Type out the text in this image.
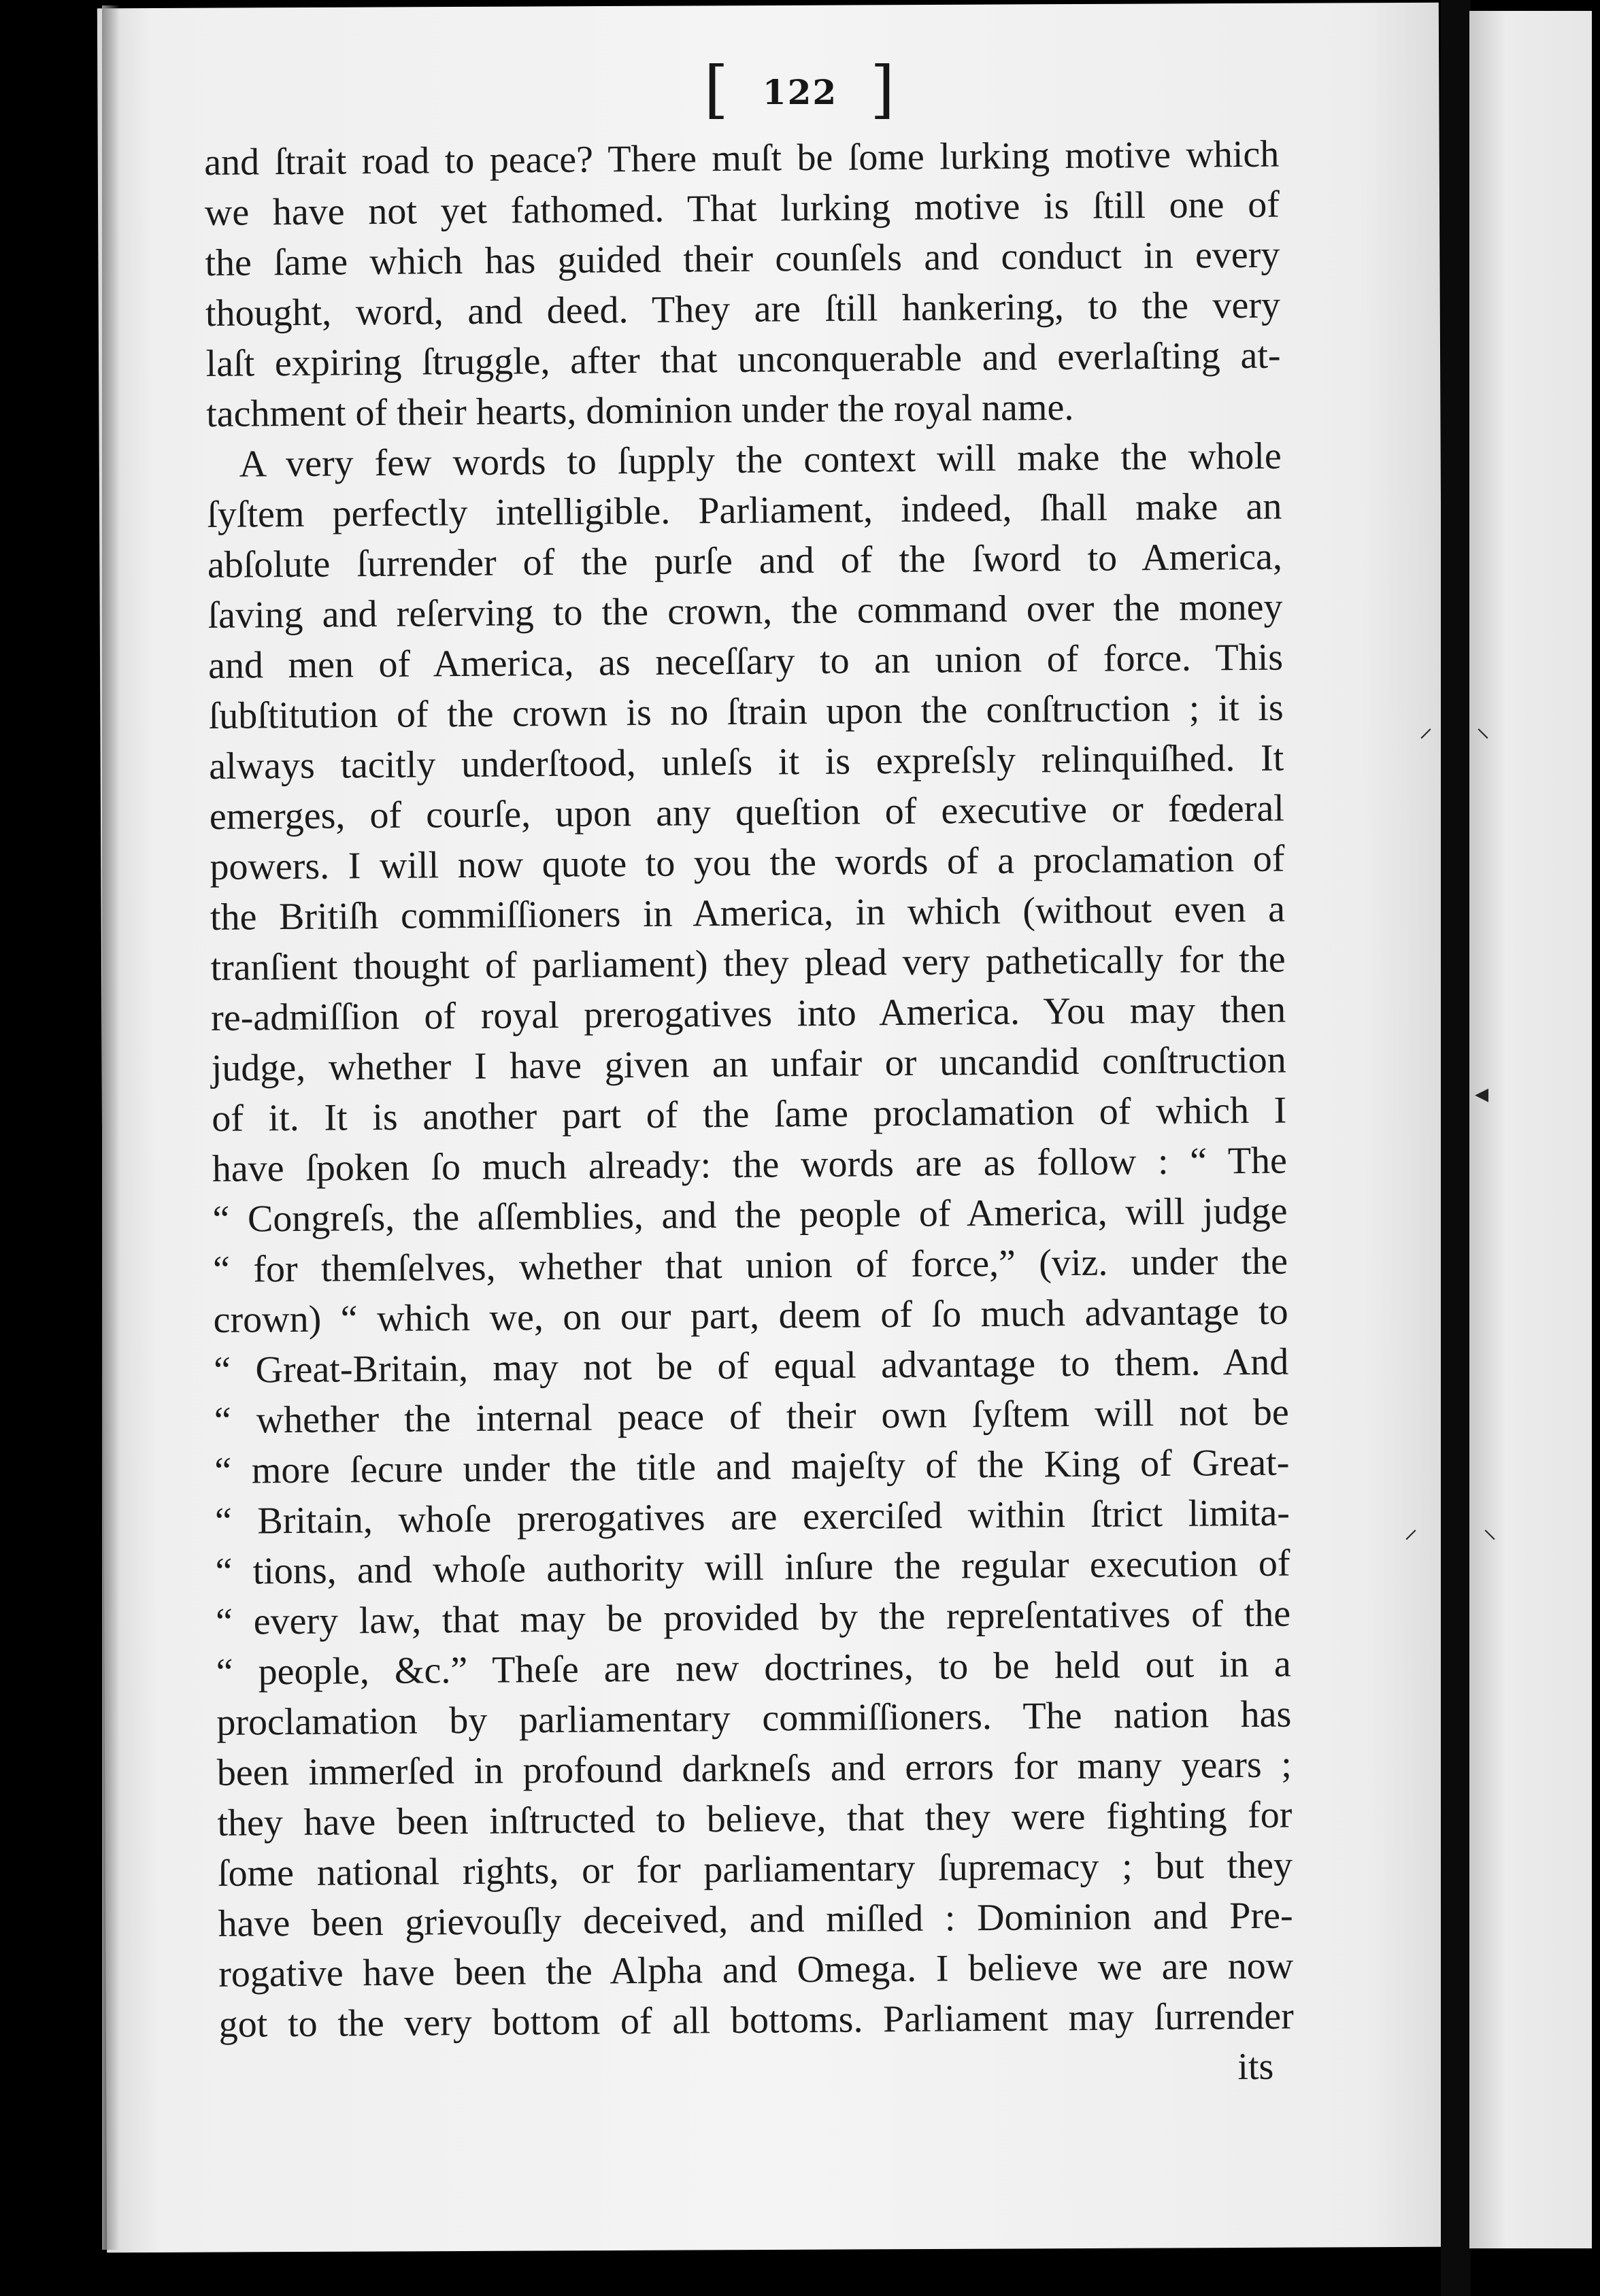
[ 122 ]
and ſtrait road to peace? There muſt be ſome lurking motive which
we have not yet fathomed. That lurking motive is ſtill one of
the ſame which has guided their counſels and conduct in every
thought, word, and deed. They are ſtill hankering, to the very
laſt expiring ſtruggle, after that unconquerable and everlaſting at-
tachment of their hearts, dominion under the royal name.
A very few words to ſupply the context will make the whole
ſyſtem perfectly intelligible. Parliament, indeed, ſhall make an
abſolute ſurrender of the purſe and of the ſword to America,
ſaving and reſerving to the crown, the command over the money
and men of America, as neceſſary to an union of force. This
ſubſtitution of the crown is no ſtrain upon the conſtruction ; it is
always tacitly underſtood, unleſs it is expreſsly relinquiſhed. It
emerges, of courſe, upon any queſtion of executive or fœderal
powers. I will now quote to you the words of a proclamation of
the Britiſh commiſſioners in America, in which (without even a
tranſient thought of parliament) they plead very pathetically for the
re-admiſſion of royal prerogatives into America. You may then
judge, whether I have given an unfair or uncandid conſtruction
of it. It is another part of the ſame proclamation of which I
have ſpoken ſo much already: the words are as follow : “ The
“ Congreſs, the aſſemblies, and the people of America, will judge
“ for themſelves, whether that union of force,” (viz. under the
crown) “ which we, on our part, deem of ſo much advantage to
“ Great-Britain, may not be of equal advantage to them. And
“ whether the internal peace of their own ſyſtem will not be
“ more ſecure under the title and majeſty of the King of Great-
“ Britain, whoſe prerogatives are exerciſed within ſtrict limita-
“ tions, and whoſe authority will inſure the regular execution of
“ every law, that may be provided by the repreſentatives of the
“ people, &c.” Theſe are new doctrines, to be held out in a
proclamation by parliamentary commiſſioners. The nation has
been immerſed in profound darkneſs and errors for many years ;
they have been inſtructed to believe, that they were fighting for
ſome national rights, or for parliamentary ſupremacy ; but they
have been grievouſly deceived, and miſled : Dominion and Pre-
rogative have been the Alpha and Omega. I believe we are now
got to the very bottom of all bottoms. Parliament may ſurrender
its
⸝ ⸜
◂
⸝ ⸜
